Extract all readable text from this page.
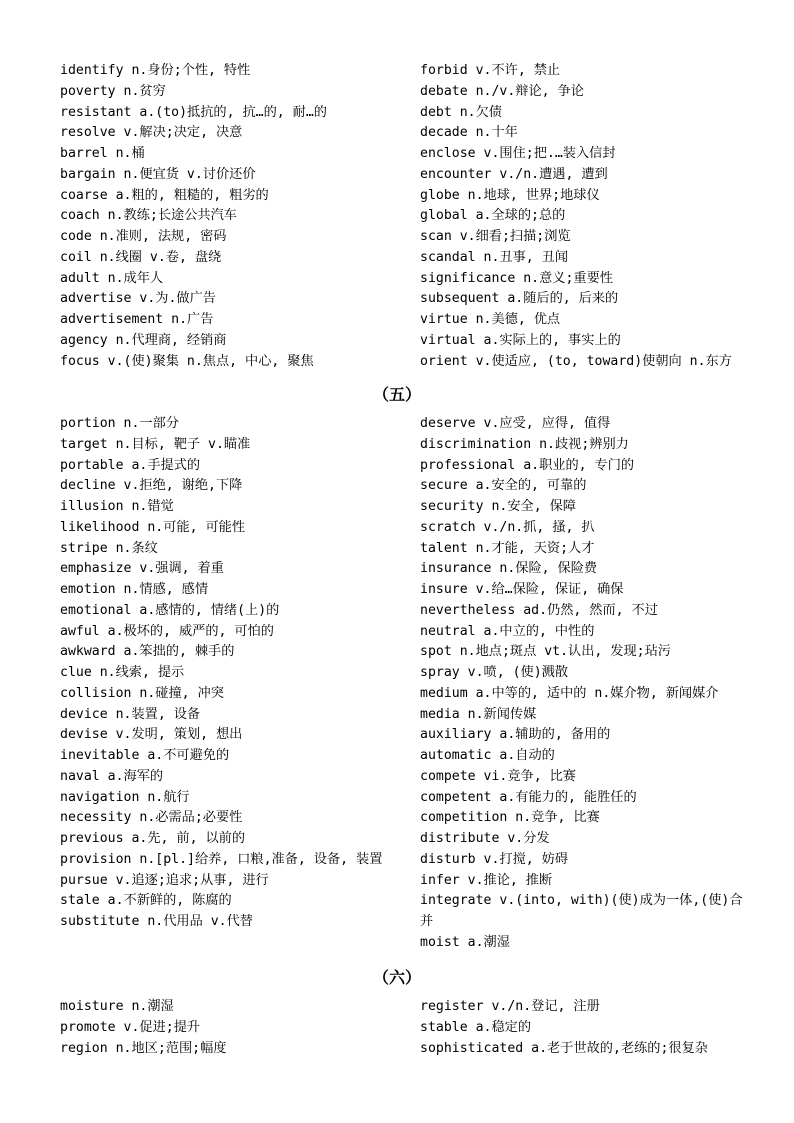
identify n.身份;个性, 特性
poverty n.贫穷
resistant a.(to)抵抗的, 抗…的, 耐…的
resolve v.解决;决定, 决意
barrel n.桶
bargain n.便宜货 v.讨价还价
coarse a.粗的, 粗糙的, 粗劣的
coach n.教练;长途公共汽车
code n.准则, 法规, 密码
coil n.线圈 v.卷, 盘绕
adult n.成年人
advertise v.为.做广告
advertisement n.广告
agency n.代理商, 经销商
focus v.(使)聚集 n.焦点, 中心, 聚焦
forbid v.不许, 禁止
debate n./v.辩论, 争论
debt n.欠债
decade n.十年
enclose v.围住;把.…装入信封
encounter v./n.遭遇, 遭到
globe n.地球, 世界;地球仪
global a.全球的;总的
scan v.细看;扫描;浏览
scandal n.丑事, 丑闻
significance n.意义;重要性
subsequent a.随后的, 后来的
virtue n.美德, 优点
virtual a.实际上的, 事实上的
orient v.使适应, (to, toward)使朝向 n.东方
（五）
portion n.一部分
target n.目标, 靶子 v.瞄准
portable a.手提式的
decline v.拒绝, 谢绝,下降
illusion n.错觉
likelihood n.可能, 可能性
stripe n.条纹
emphasize v.强调, 着重
emotion n.情感, 感情
emotional a.感情的, 情绪(上)的
awful a.极坏的, 威严的, 可怕的
awkward a.笨拙的, 棘手的
clue n.线索, 提示
collision n.碰撞, 冲突
device n.装置, 设备
devise v.发明, 策划, 想出
inevitable a.不可避免的
naval a.海军的
navigation n.航行
necessity n.必需品;必要性
previous a.先, 前, 以前的
provision n.[pl.]给养, 口粮,准备, 设备, 装置
pursue v.追逐;追求;从事, 进行
stale a.不新鲜的, 陈腐的
substitute n.代用品 v.代替
deserve v.应受, 应得, 值得
discrimination n.歧视;辨别力
professional a.职业的, 专门的
secure a.安全的, 可靠的
security n.安全, 保障
scratch v./n.抓, 搔, 扒
talent n.才能, 天资;人才
insurance n.保险, 保险费
insure v.给…保险, 保证, 确保
nevertheless ad.仍然, 然而, 不过
neutral a.中立的, 中性的
spot n.地点;斑点 vt.认出, 发现;玷污
spray v.喷, (使)溅散
medium a.中等的, 适中的 n.媒介物, 新闻媒介
media n.新闻传媒
auxiliary a.辅助的, 备用的
automatic a.自动的
compete vi.竞争, 比赛
competent a.有能力的, 能胜任的
competition n.竞争, 比赛
distribute v.分发
disturb v.打搅, 妨碍
infer v.推论, 推断
integrate v.(into, with)(使)成为一体,(使)合并
moist a.潮湿
（六）
moisture n.潮湿
promote v.促进;提升
region n.地区;范围;幅度
register v./n.登记, 注册
stable a.稳定的
sophisticated a.老于世故的,老练的;很复杂
